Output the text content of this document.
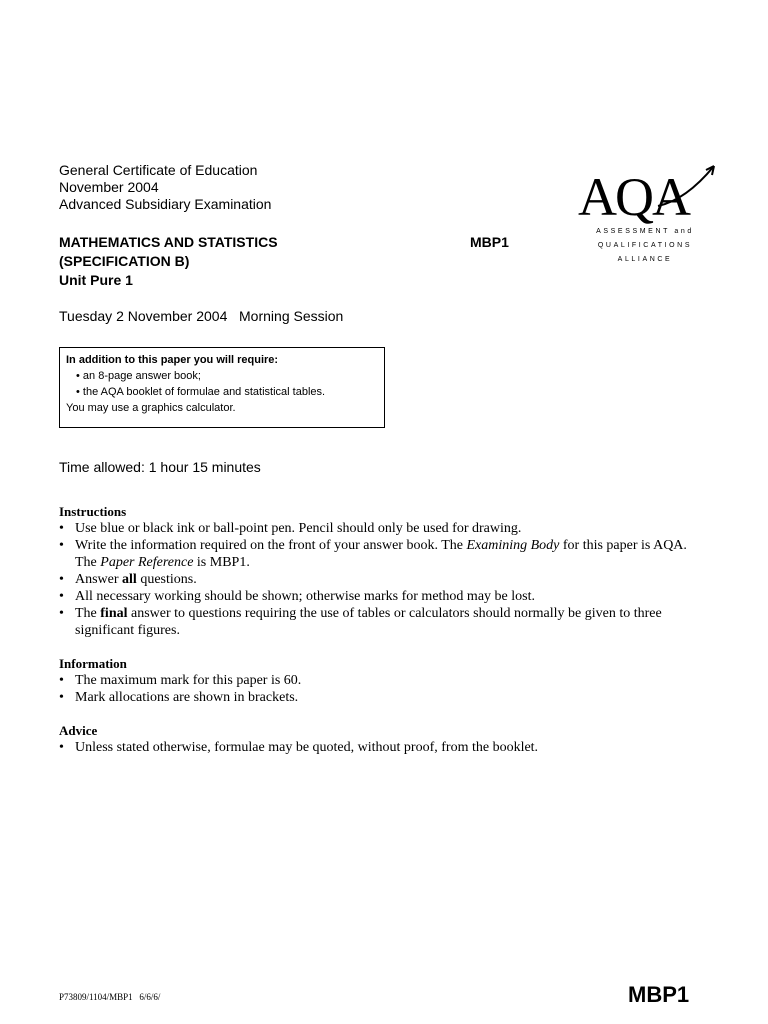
General Certificate of Education
November 2004
Advanced Subsidiary Examination	AQA
ASSESSMENT and
QUALIFICATIONS
ALLIANCE
MATHEMATICS AND STATISTICS
(SPECIFICATION B)
Unit Pure 1
MBP1
Tuesday 2 November 2004   Morning Session
In addition to this paper you will require:
• an 8-page answer book;
• the AQA booklet of formulae and statistical tables.
You may use a graphics calculator.
Time allowed: 1 hour 15 minutes
Instructions
• Use blue or black ink or ball-point pen. Pencil should only be used for drawing.
• Write the information required on the front of your answer book. The Examining Body for this paper is AQA. The Paper Reference is MBP1.
• Answer all questions.
• All necessary working should be shown; otherwise marks for method may be lost.
• The final answer to questions requiring the use of tables or calculators should normally be given to three significant figures.
Information
• The maximum mark for this paper is 60.
• Mark allocations are shown in brackets.
Advice
• Unless stated otherwise, formulae may be quoted, without proof, from the booklet.
P73809/1104/MBP1   6/6/6/	MBP1
